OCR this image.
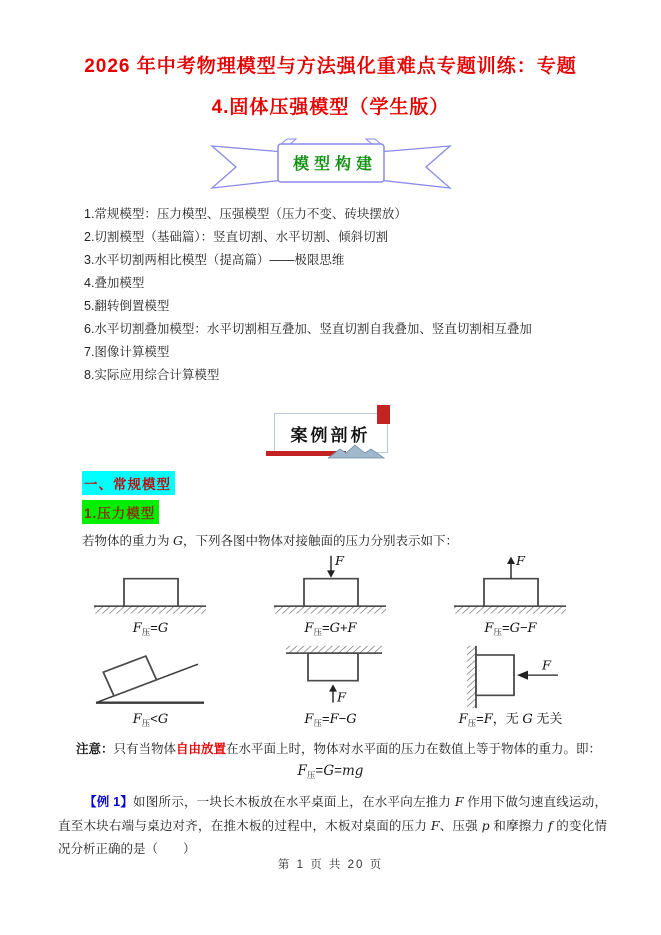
2026 年中考物理模型与方法强化重难点专题训练：专题
4.固体压强模型（学生版）
模型构建
1.常规模型：压力模型、压强模型（压力不变、砖块摆放）
2.切割模型（基础篇）：竖直切割、水平切割、倾斜切割
3.水平切割两相比模型（提高篇）——极限思维
4.叠加模型
5.翻转倒置模型
6.水平切割叠加模型：水平切割相互叠加、竖直切割自我叠加、竖直切割相互叠加
7.图像计算模型
8.实际应用综合计算模型
案例剖析
一、常规模型
1.压力模型
若物体的重力为 G，下列各图中物体对接触面的压力分别表示如下：
$F_压=G$
F
$F_压=G+F$
F
$F_压=G-F$
$F_压<G$
F
$F_压=F-G$
F
$F_压=F$，无 G 无关
注意：只有当物体自由放置在水平面上时，物体对水平面的压力在数值上等于物体的重力。即：
$F_压=G=mg$
【例 1】如图所示，一块长木板放在水平桌面上，在水平向左推力 F 作用下做匀速直线运动，直至木块右端与桌边对齐，在推木板的过程中，木板对桌面的压力 F、压强 p 和摩擦力 f 的变化情况分析正确的是（　　）
第 1 页 共 20 页
